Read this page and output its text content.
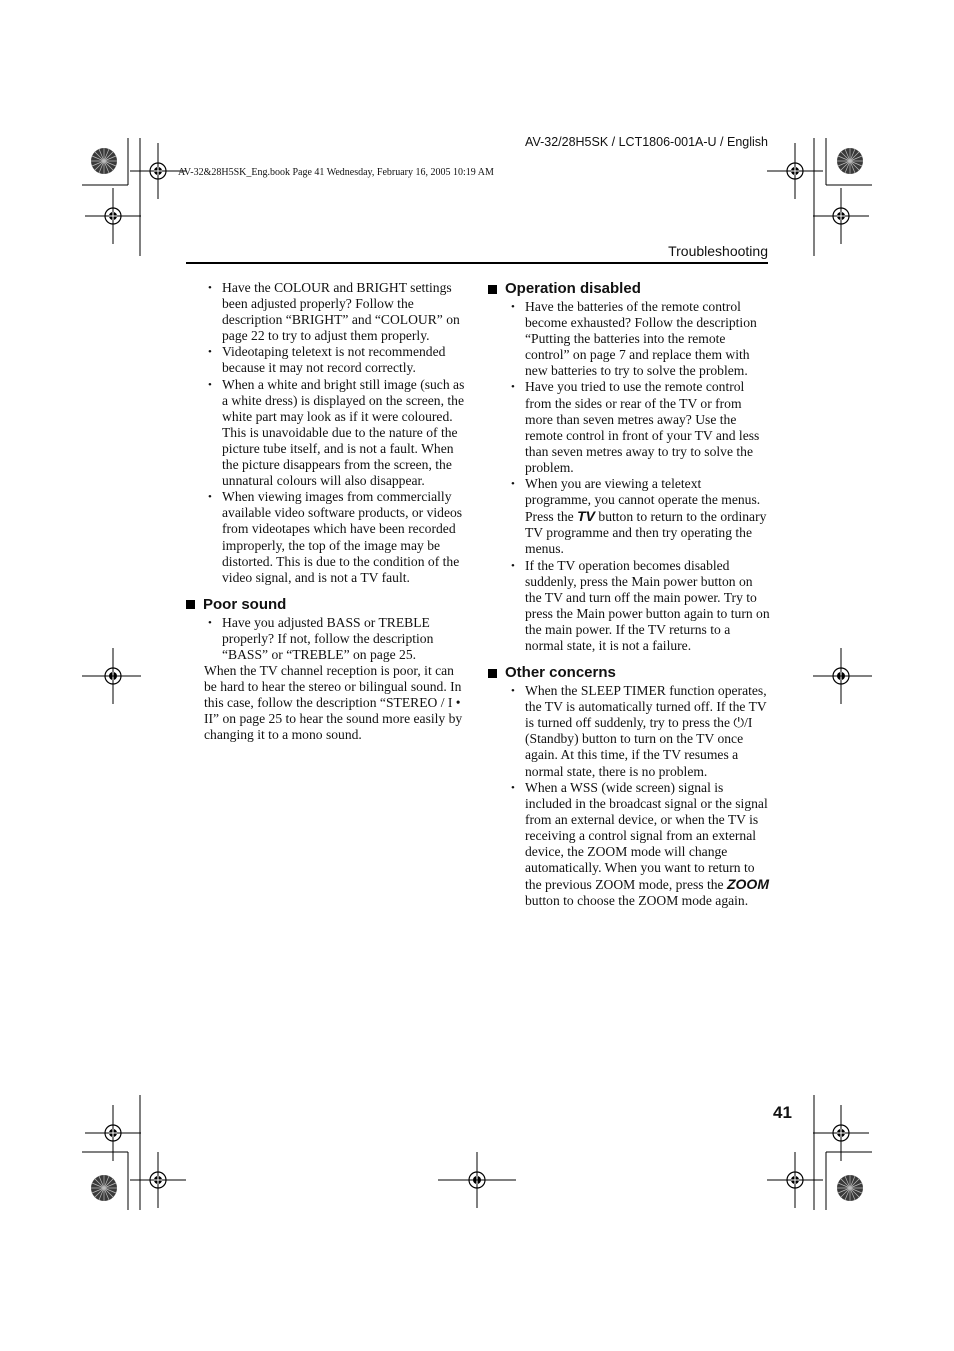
AV-32/28H5SK / LCT1806-001A-U / English
AV-32&28H5SK_Eng.book Page 41 Wednesday, February 16, 2005 10:19 AM
Troubleshooting
• Have the COLOUR and BRIGHT settings been adjusted properly? Follow the description “BRIGHT” and “COLOUR” on page 22 to try to adjust them properly.
• Videotaping teletext is not recommended because it may not record correctly.
• When a white and bright still image (such as a white dress) is displayed on the screen, the white part may look as if it were coloured. This is unavoidable due to the nature of the picture tube itself, and is not a fault. When the picture disappears from the screen, the unnatural colours will also disappear.
• When viewing images from commercially available video software products, or videos from videotapes which have been recorded improperly, the top of the image may be distorted. This is due to the condition of the video signal, and is not a TV fault.
Poor sound
• Have you adjusted BASS or TREBLE properly? If not, follow the description “BASS” or “TREBLE” on page 25.

When the TV channel reception is poor, it can be hard to hear the stereo or bilingual sound. In this case, follow the description “STEREO / I • II” on page 25 to hear the sound more easily by changing it to a mono sound.

Operation disabled
• Have the batteries of the remote control become exhausted? Follow the description “Putting the batteries into the remote control” on page 7 and replace them with new batteries to try to solve the problem.
• Have you tried to use the remote control from the sides or rear of the TV or from more than seven metres away? Use the remote control in front of your TV and less than seven metres away to try to solve the problem.
• When you are viewing a teletext programme, you cannot operate the menus. Press the TV button to return to the ordinary TV programme and then try operating the menus.
• If the TV operation becomes disabled suddenly, press the Main power button on the TV and turn off the main power. Try to press the Main power button again to turn on the main power. If the TV returns to a normal state, it is not a failure.
Other concerns
• When the SLEEP TIMER function operates, the TV is automatically turned off. If the TV is turned off suddenly, try to press the ⏻/I (Standby) button to turn on the TV once again. At this time, if the TV resumes a normal state, there is no problem.
• When a WSS (wide screen) signal is included in the broadcast signal or the signal from an external device, or when the TV is receiving a control signal from an external device, the ZOOM mode will change automatically. When you want to return to the previous ZOOM mode, press the ZOOM button to choose the ZOOM mode again.
41
